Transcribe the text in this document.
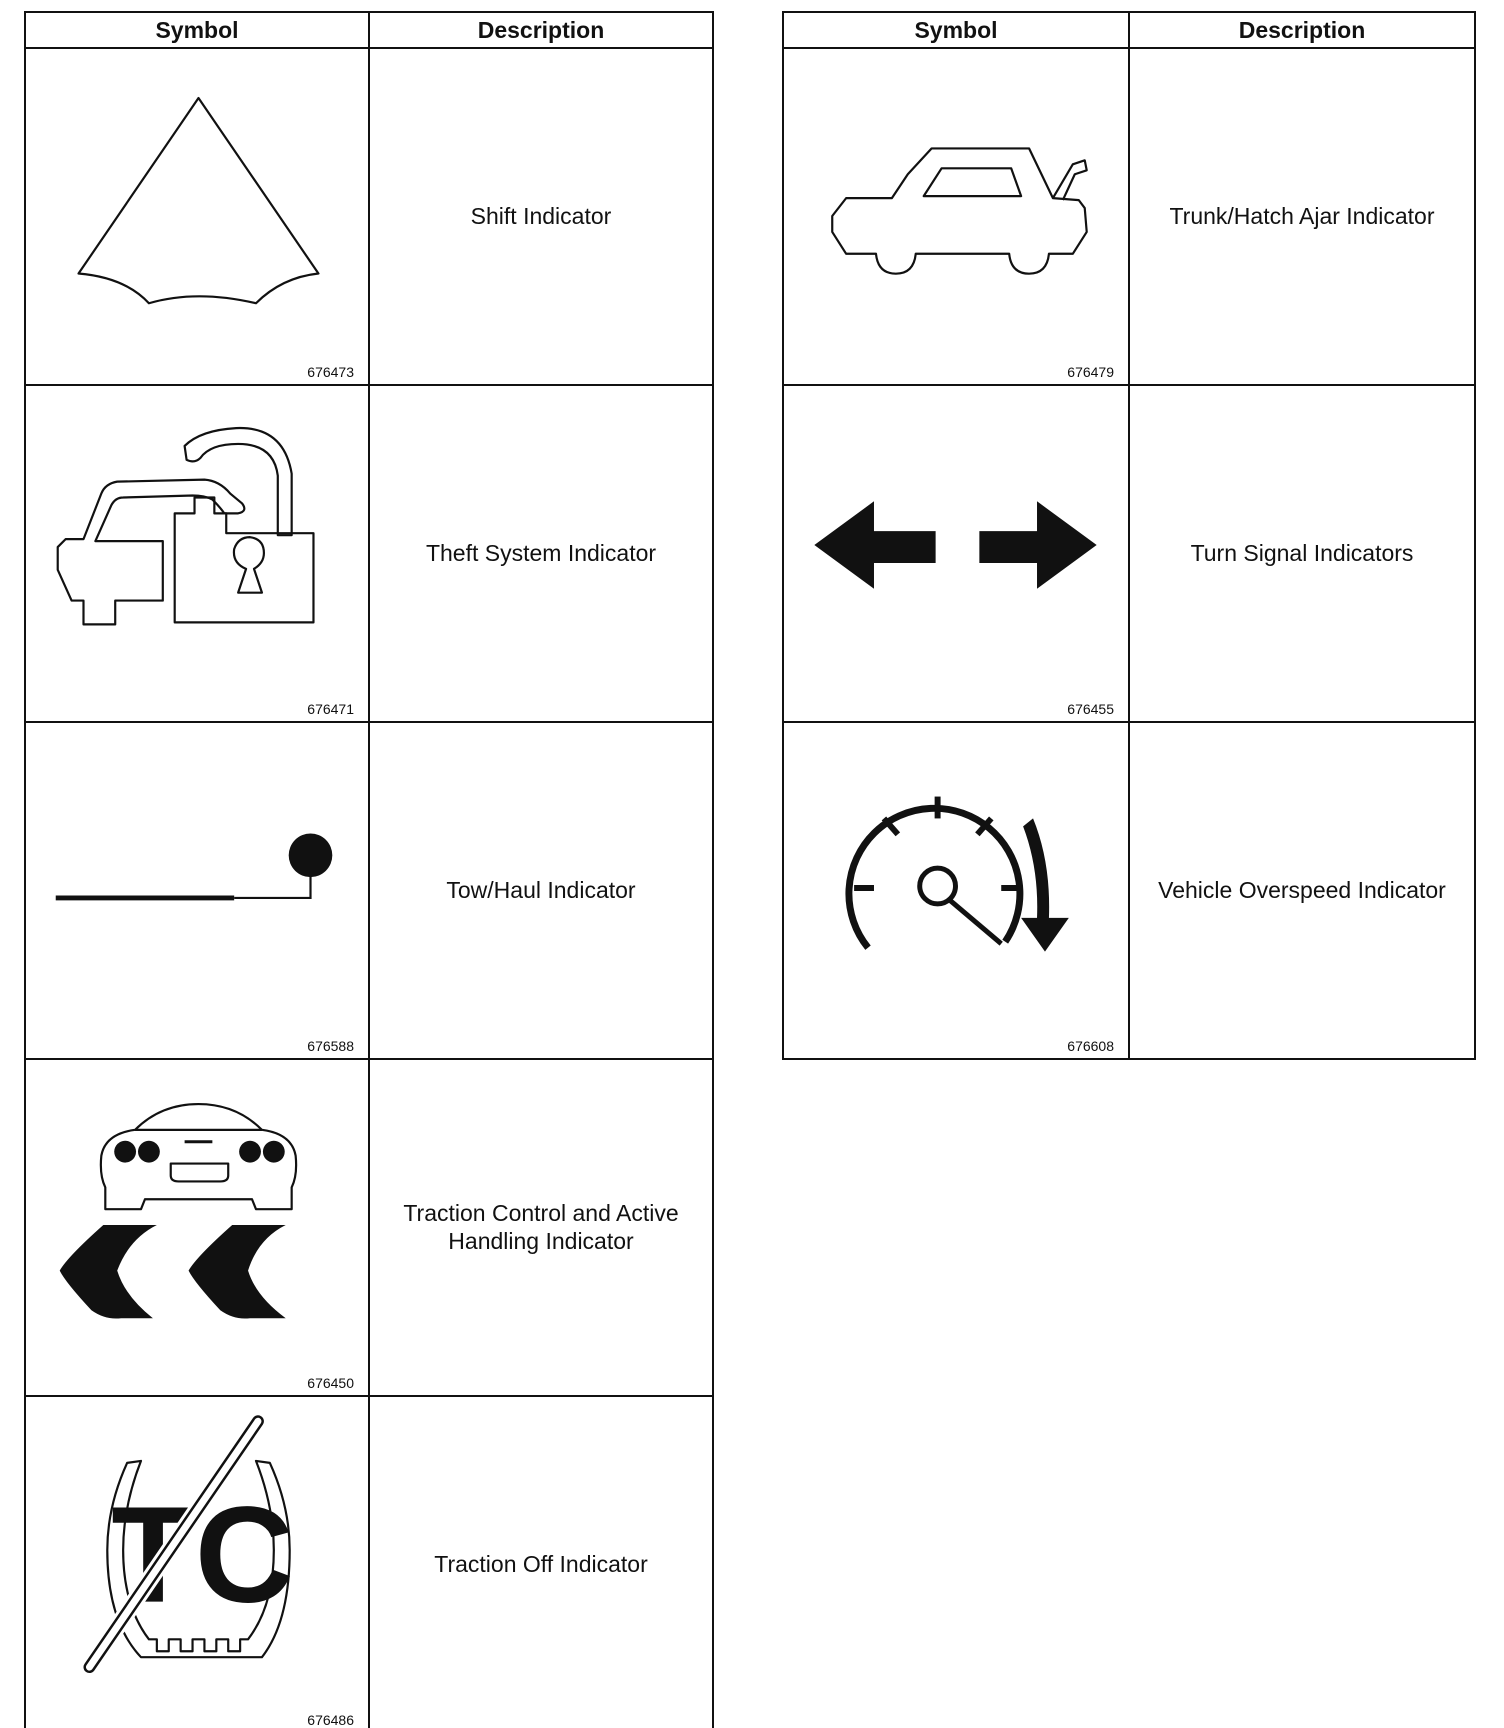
Symbol	Description

676473	Shift Indicator

676471	Theft System Indicator

676588	Tow/Haul Indicator

676450	Traction Control and Active
Handling Indicator

TC
676486	Traction Off Indicator
Symbol	Description

676479	Trunk/Hatch Ajar Indicator

676455	Turn Signal Indicators

676608	Vehicle Overspeed Indicator
